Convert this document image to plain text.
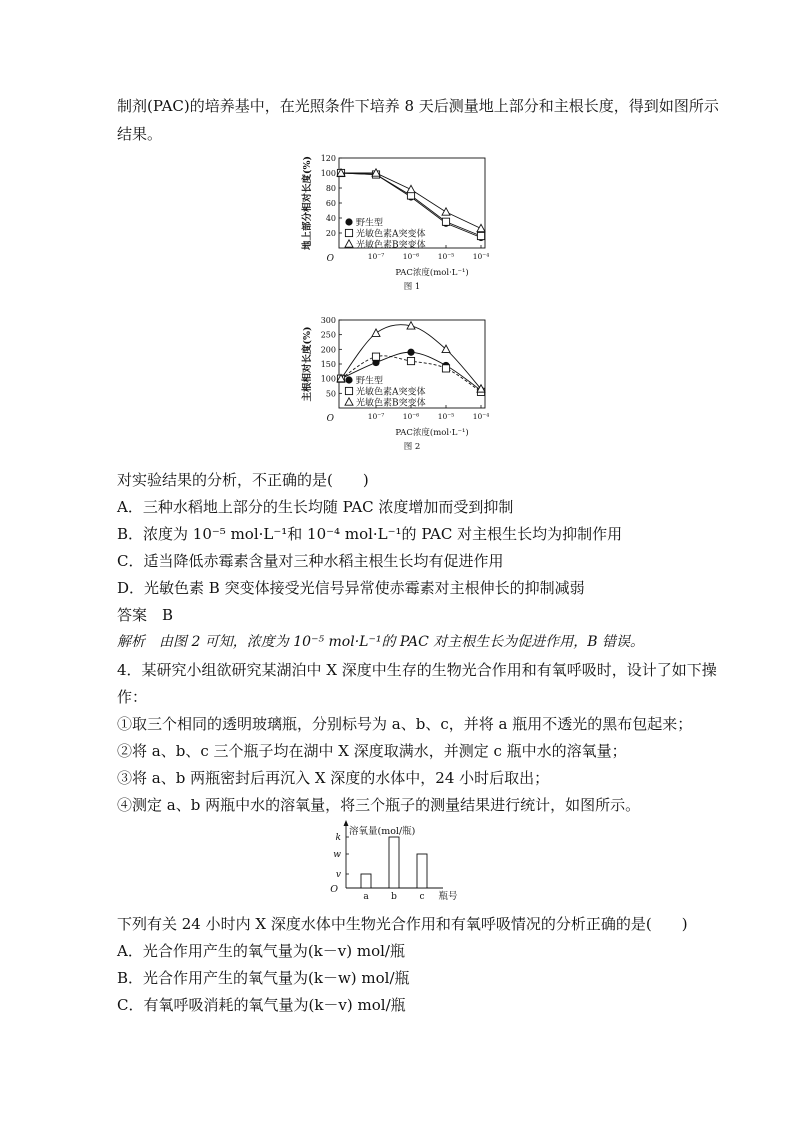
制剂(PAC)的培养基中，在光照条件下培养 8 天后测量地上部分和主根长度，得到如图所示
结果。
地上部分相对长度(%) 120
100
80
60
40
20
O	10⁻⁷ 10⁻⁶ 10⁻⁵ 10⁻⁴
PAC浓度(mol·L⁻¹)
图 1
野生型
光敏色素A突变体
光敏色素B突变体
主根相对长度(%)
300
250
200
150
100
50
O	10⁻⁷ 10⁻⁶ 10⁻⁵ 10⁻⁴
PAC浓度(mol·L⁻¹)
图 2
野生型
光敏色素A突变体
光敏色素B突变体
对实验结果的分析，不正确的是(　　)
A．三种水稻地上部分的生长均随 PAC 浓度增加而受到抑制
B．浓度为 10⁻⁵ mol·L⁻¹和 10⁻⁴ mol·L⁻¹的 PAC 对主根生长均为抑制作用
C．适当降低赤霉素含量对三种水稻主根生长均有促进作用
D．光敏色素 B 突变体接受光信号异常使赤霉素对主根伸长的抑制减弱
答案　B
解析　由图 2 可知，浓度为 10⁻⁵ mol·L⁻¹的 PAC 对主根生长为促进作用，B 错误。
4．某研究小组欲研究某湖泊中 X 深度中生存的生物光合作用和有氧呼吸时，设计了如下操
作：
①取三个相同的透明玻璃瓶，分别标号为 a、b、c，并将 a 瓶用不透光的黑布包起来；
②将 a、b、c 三个瓶子均在湖中 X 深度取满水，并测定 c 瓶中水的溶氧量；
③将 a、b 两瓶密封后再沉入 X 深度的水体中，24 小时后取出；
④测定 a、b 两瓶中水的溶氧量，将三个瓶子的测量结果进行统计，如图所示。
溶氧量(mol/瓶)
k
w
v
O
a b	c 瓶号
下列有关 24 小时内 X 深度水体中生物光合作用和有氧呼吸情况的分析正确的是(　　)
A．光合作用产生的氧气量为(k－v) mol/瓶
B．光合作用产生的氧气量为(k－w) mol/瓶
C．有氧呼吸消耗的氧气量为(k－v) mol/瓶
